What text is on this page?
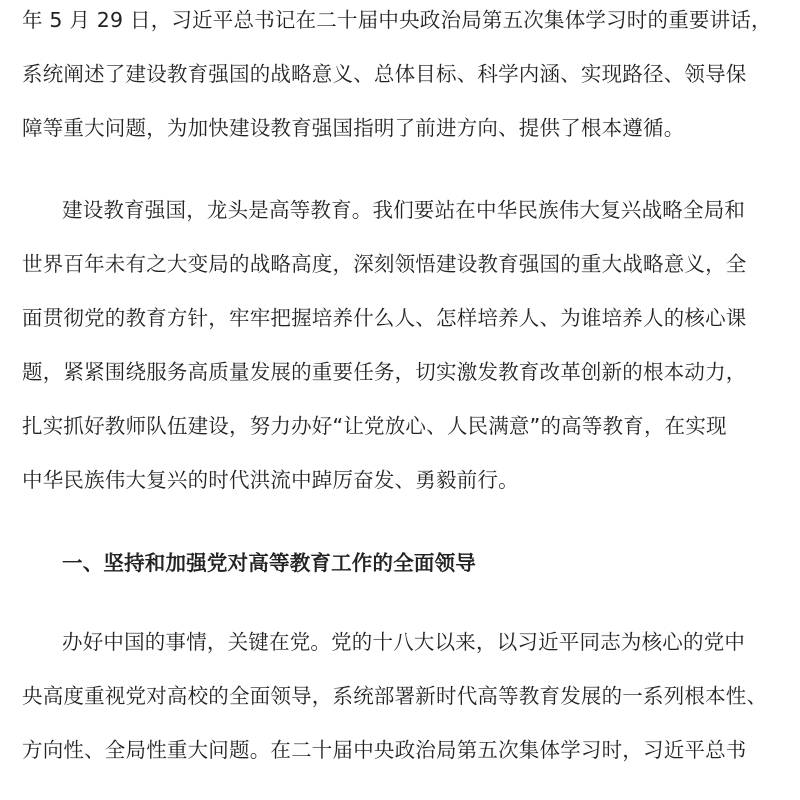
年 5 月 29 日，习近平总书记在二十届中央政治局第五次集体学习时的重要讲话，
系统阐述了建设教育强国的战略意义、总体目标、科学内涵、实现路径、领导保
障等重大问题，为加快建设教育强国指明了前进方向、提供了根本遵循。
建设教育强国，龙头是高等教育。我们要站在中华民族伟大复兴战略全局和
世界百年未有之大变局的战略高度，深刻领悟建设教育强国的重大战略意义，全
面贯彻党的教育方针，牢牢把握培养什么人、怎样培养人、为谁培养人的核心课
题，紧紧围绕服务高质量发展的重要任务，切实激发教育改革创新的根本动力，
扎实抓好教师队伍建设，努力办好“让党放心、人民满意”的高等教育，在实现
中华民族伟大复兴的时代洪流中踔厉奋发、勇毅前行。
一、坚持和加强党对高等教育工作的全面领导
办好中国的事情，关键在党。党的十八大以来，以习近平同志为核心的党中
央高度重视党对高校的全面领导，系统部署新时代高等教育发展的一系列根本性、
方向性、全局性重大问题。在二十届中央政治局第五次集体学习时，习近平总书
